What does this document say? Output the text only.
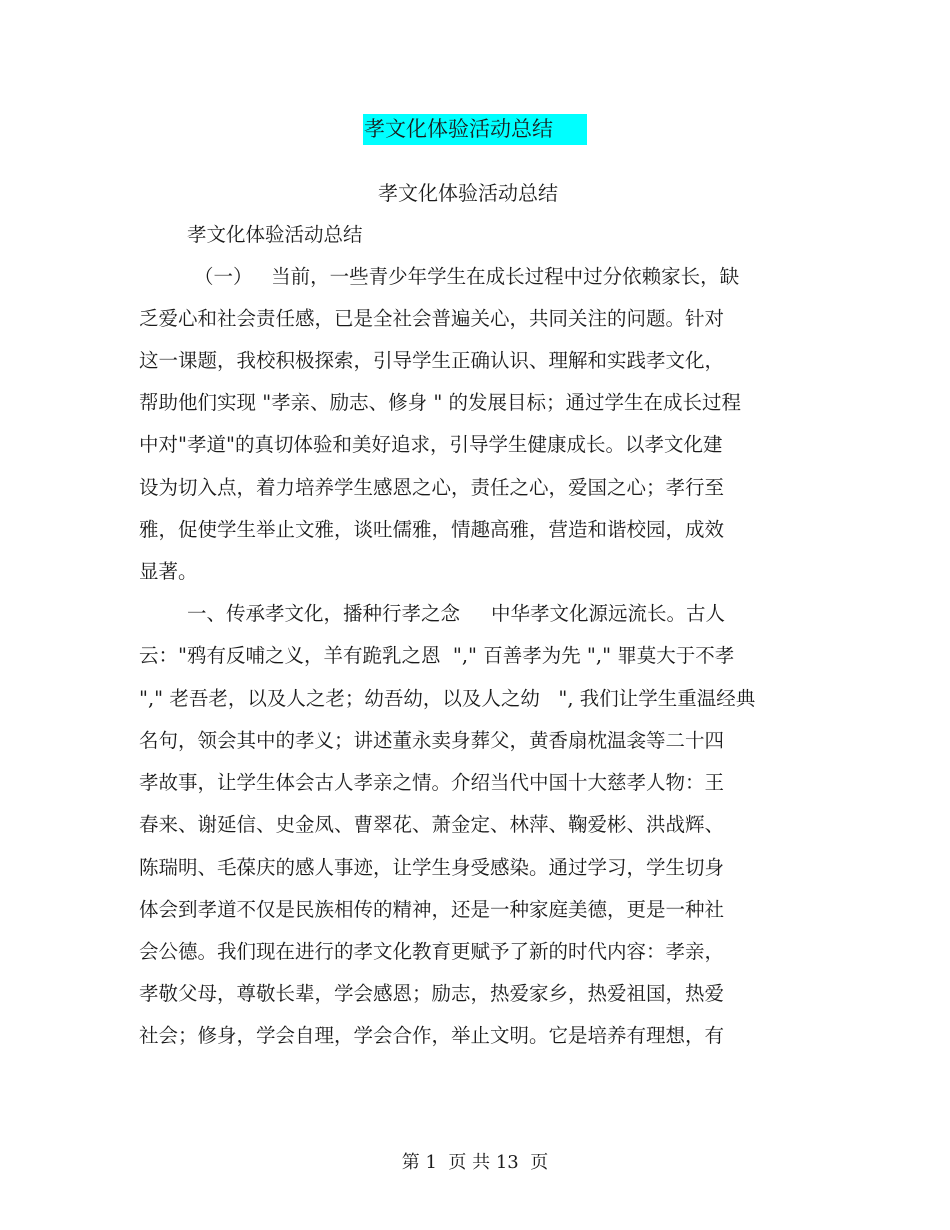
孝文化体验活动总结
孝文化体验活动总结
孝文化体验活动总结
（一）   当前，一些青少年学生在成长过程中过分依赖家长，缺
乏爱心和社会责任感，已是全社会普遍关心，共同关注的问题。针对
这一课题，我校积极探索，引导学生正确认识、理解和实践孝文化，
帮助他们实现 "孝亲、励志、修身 " 的发展目标；通过学生在成长过程
中对"孝道"的真切体验和美好追求，引导学生健康成长。以孝文化建
设为切入点，着力培养学生感恩之心，责任之心，爱国之心；孝行至
雅，促使学生举止文雅，谈吐儒雅，情趣高雅，营造和谐校园，成效
显著。
一、传承孝文化，播种行孝之念     中华孝文化源远流长。古人
云："鸦有反哺之义，羊有跪乳之恩  "," 百善孝为先 "," 罪莫大于不孝
"," 老吾老，以及人之老；幼吾幼，以及人之幼   ", 我们让学生重温经典
名句，领会其中的孝义；讲述董永卖身葬父，黄香扇枕温衾等二十四
孝故事，让学生体会古人孝亲之情。介绍当代中国十大慈孝人物：王
春来、谢延信、史金凤、曹翠花、萧金定、林萍、鞠爱彬、洪战辉、
陈瑞明、毛葆庆的感人事迹，让学生身受感染。通过学习，学生切身
体会到孝道不仅是民族相传的精神，还是一种家庭美德，更是一种社
会公德。我们现在进行的孝文化教育更赋予了新的时代内容：孝亲，
孝敬父母，尊敬长辈，学会感恩；励志，热爱家乡，热爱祖国，热爱
社会；修身，学会自理，学会合作，举止文明。它是培养有理想，有
第 1  页 共 13  页
